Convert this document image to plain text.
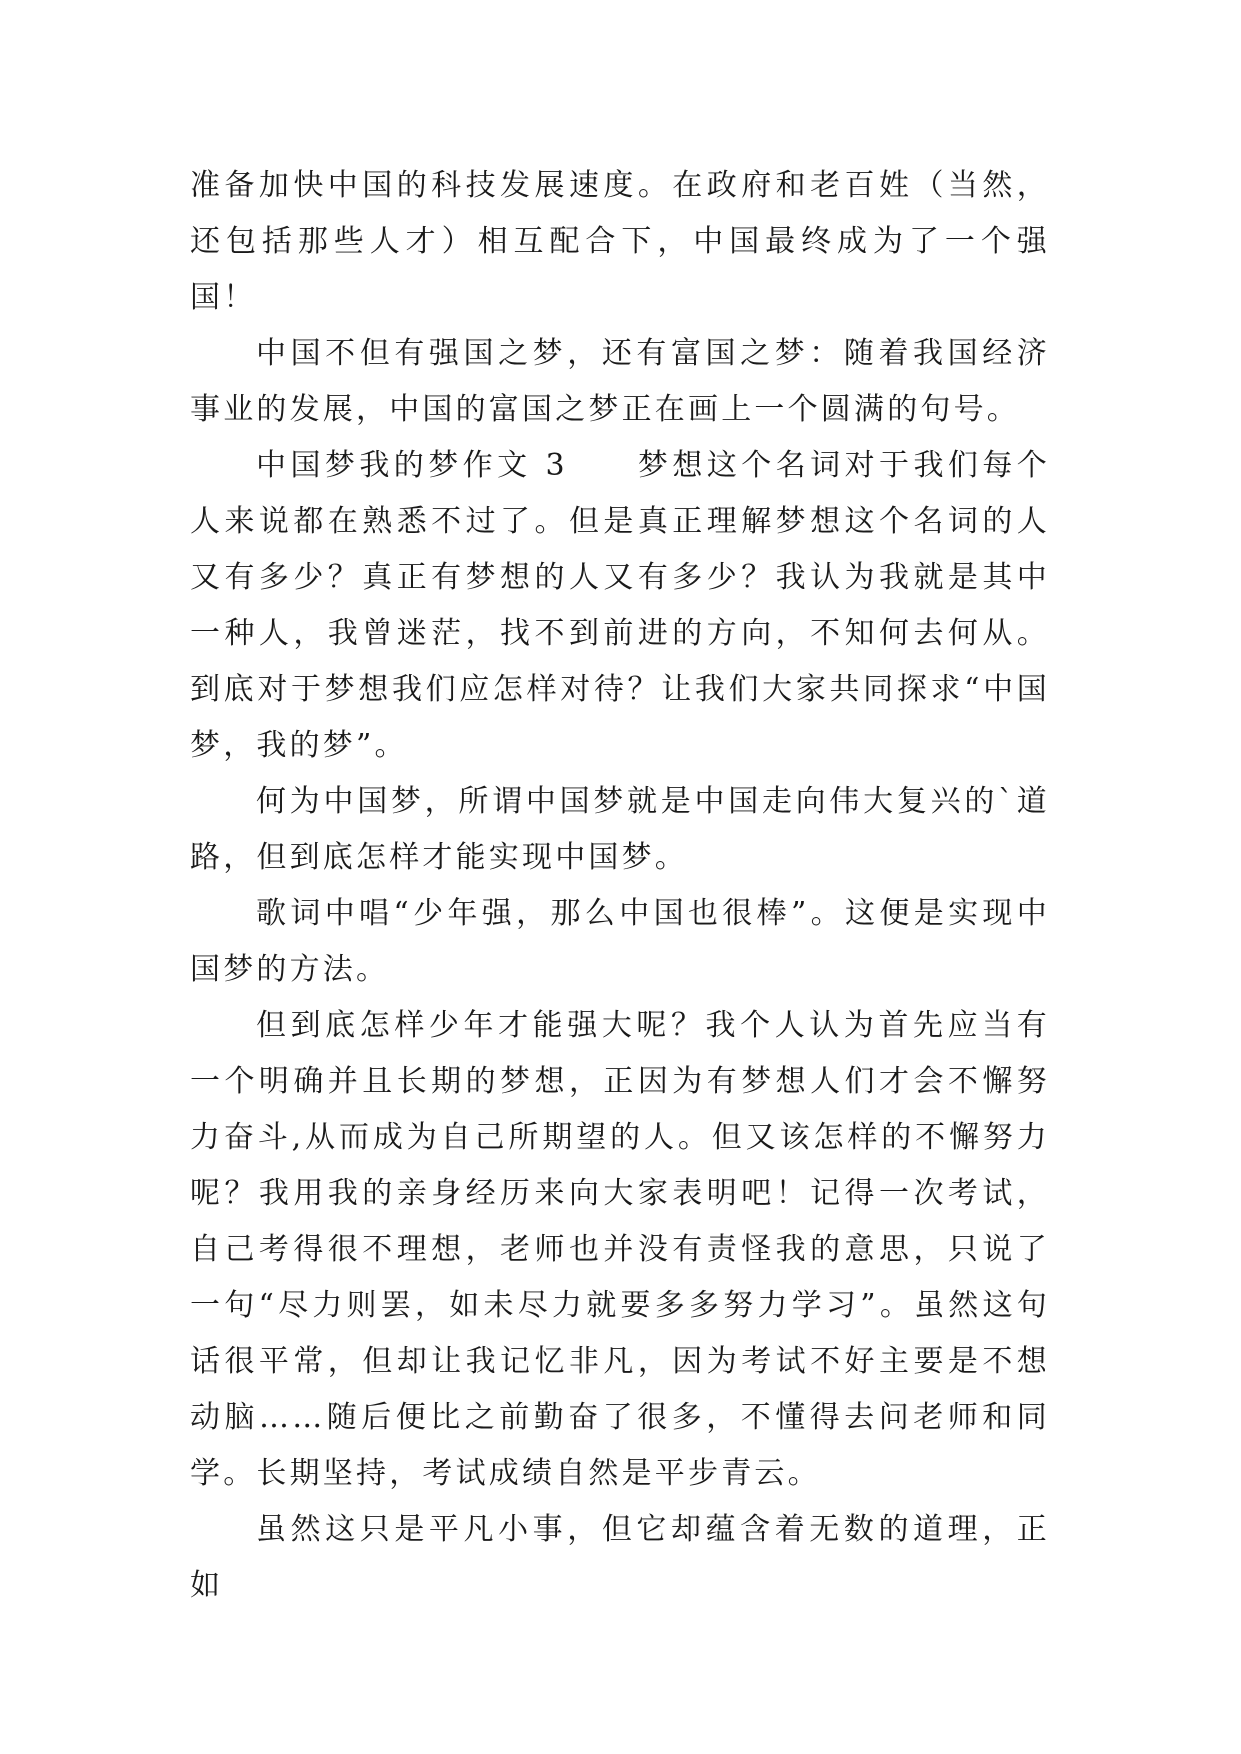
准备加快中国的科技发展速度。在政府和老百姓（当然，还包括那些人才）相互配合下，中国最终成为了一个强国！

中国不但有强国之梦，还有富国之梦：随着我国经济事业的发展，中国的富国之梦正在画上一个圆满的句号。

中国梦我的梦作文 3　　梦想这个名词对于我们每个人来说都在熟悉不过了。但是真正理解梦想这个名词的人又有多少？真正有梦想的人又有多少？我认为我就是其中一种人，我曾迷茫，找不到前进的方向，不知何去何从。到底对于梦想我们应怎样对待？让我们大家共同探求“中国梦，我的梦”。

何为中国梦，所谓中国梦就是中国走向伟大复兴的`道路，但到底怎样才能实现中国梦。

歌词中唱“少年强，那么中国也很棒”。这便是实现中国梦的方法。

但到底怎样少年才能强大呢？我个人认为首先应当有一个明确并且长期的梦想，正因为有梦想人们才会不懈努力奋斗,从而成为自己所期望的人。但又该怎样的不懈努力呢？我用我的亲身经历来向大家表明吧！记得一次考试，自己考得很不理想，老师也并没有责怪我的意思，只说了一句“尽力则罢，如未尽力就要多多努力学习”。虽然这句话很平常，但却让我记忆非凡，因为考试不好主要是不想动脑……随后便比之前勤奋了很多，不懂得去问老师和同学。长期坚持，考试成绩自然是平步青云。

虽然这只是平凡小事，但它却蕴含着无数的道理，正如
